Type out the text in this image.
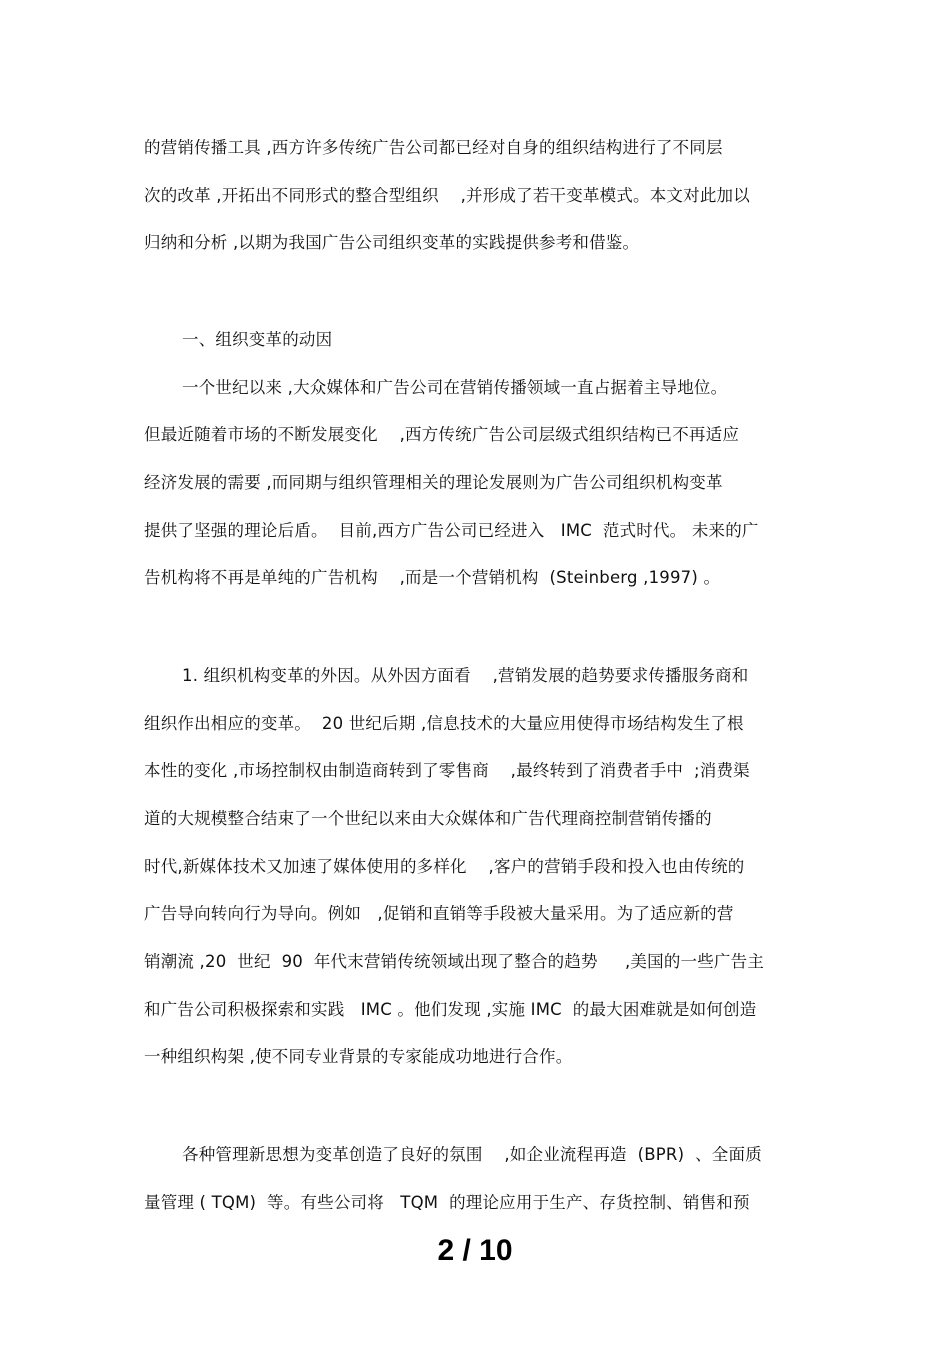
的营销传播工具 ,西方许多传统广告公司都已经对自身的组织结构进行了不同层
次的改革 ,开拓出不同形式的整合型组织    ,并形成了若干变革模式。本文对此加以
归纳和分析 ,以期为我国广告公司组织变革的实践提供参考和借鉴。
一、组织变革的动因
一个世纪以来 ,大众媒体和广告公司在营销传播领域一直占据着主导地位。
但最近随着市场的不断发展变化    ,西方传统广告公司层级式组织结构已不再适应
经济发展的需要 ,而同期与组织管理相关的理论发展则为广告公司组织机构变革
提供了坚强的理论后盾。  目前,西方广告公司已经进入   IMC  范式时代。 未来的广
告机构将不再是单纯的广告机构    ,而是一个营销机构  (Steinberg ,1997) 。
1. 组织机构变革的外因。从外因方面看    ,营销发展的趋势要求传播服务商和
组织作出相应的变革。  20 世纪后期 ,信息技术的大量应用使得市场结构发生了根
本性的变化 ,市场控制权由制造商转到了零售商    ,最终转到了消费者手中  ;消费渠
道的大规模整合结束了一个世纪以来由大众媒体和广告代理商控制营销传播的
时代,新媒体技术又加速了媒体使用的多样化    ,客户的营销手段和投入也由传统的
广告导向转向行为导向。例如   ,促销和直销等手段被大量采用。为了适应新的营
销潮流 ,20  世纪  90  年代末营销传统领域出现了整合的趋势     ,美国的一些广告主
和广告公司积极探索和实践   IMC 。他们发现 ,实施 IMC  的最大困难就是如何创造
一种组织构架 ,使不同专业背景的专家能成功地进行合作。
各种管理新思想为变革创造了良好的氛围    ,如企业流程再造  (BPR)  、全面质
量管理 ( TQM)  等。有些公司将   TQM  的理论应用于生产、存货控制、销售和预
2 / 10
